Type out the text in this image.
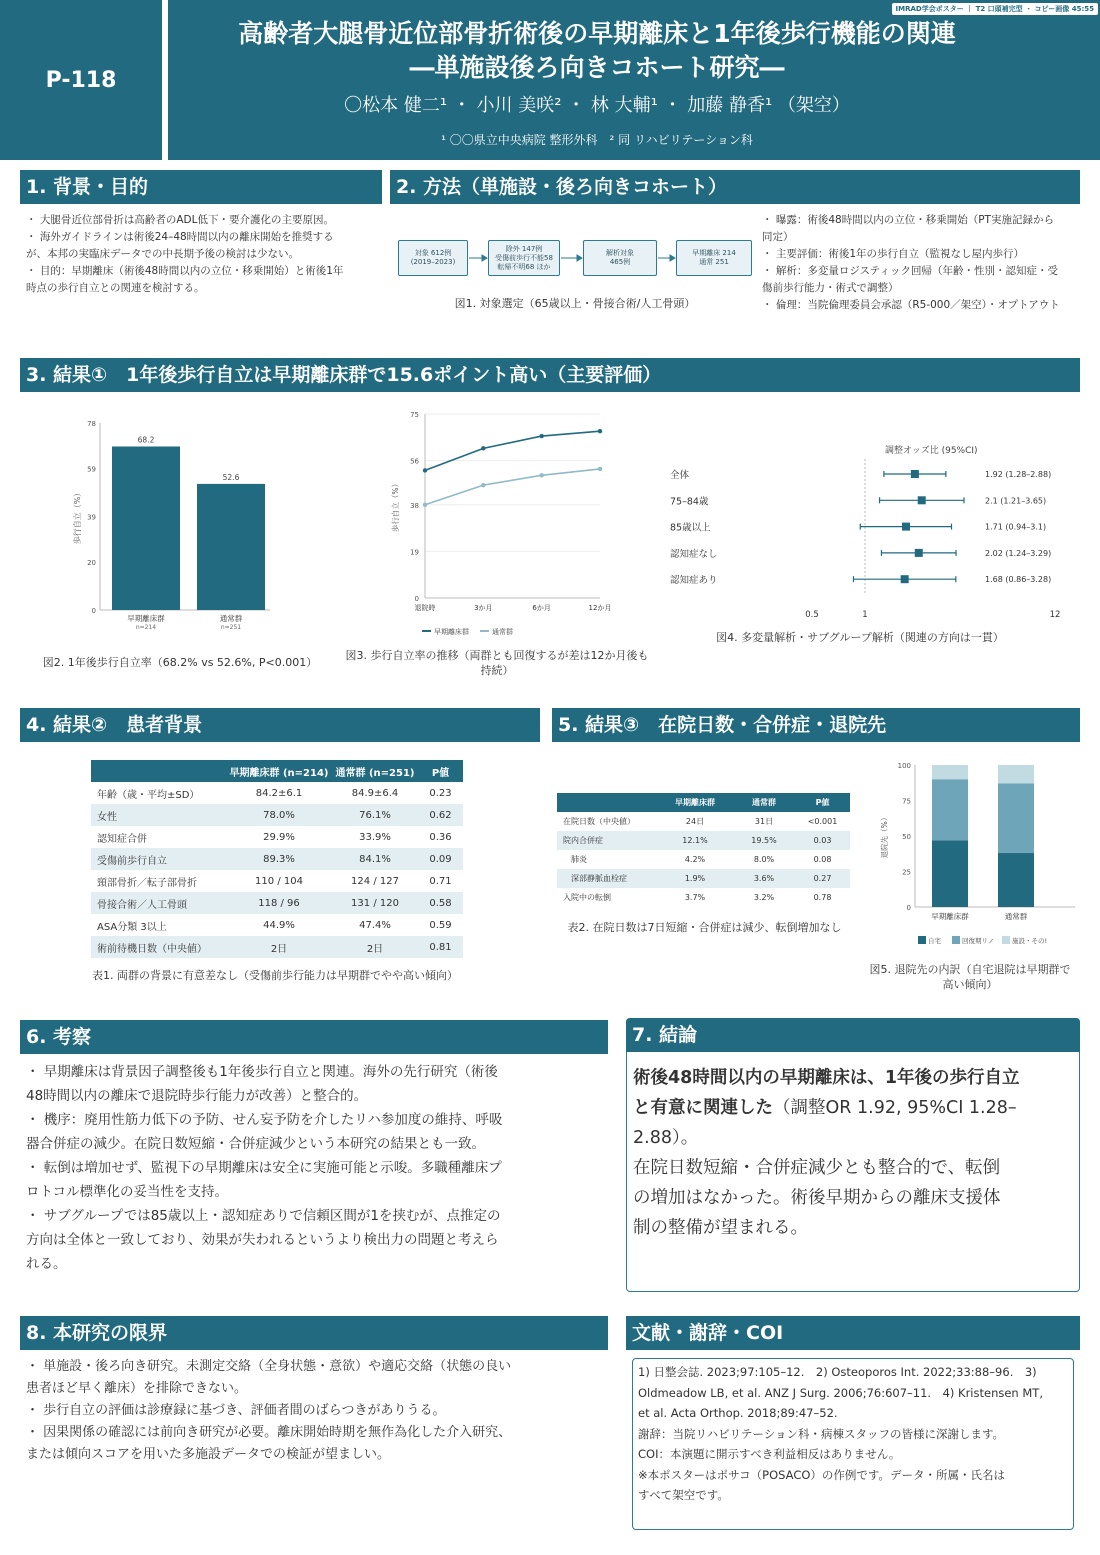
P-118
IMRAD学会ポスター ｜ T2 口頭補完型 ・ コピー画像 45:55
高齢者大腿骨近位部骨折術後の早期離床と1年後歩行機能の関連
―単施設後ろ向きコホート研究―
〇松本 健二¹ ・ 小川 美咲² ・ 林 大輔¹ ・ 加藤 静香¹ （架空）
¹ 〇〇県立中央病院 整形外科　² 同 リハビリテーション科
1. 背景・目的
・ 大腿骨近位部骨折は高齢者のADL低下・要介護化の主要原因。
・ 海外ガイドラインは術後24–48時間以内の離床開始を推奨する
が、本邦の実臨床データでの中長期予後の検討は少ない。
・ 目的：早期離床（術後48時間以内の立位・移乗開始）と術後1年
時点の歩行自立との関連を検討する。
2. 方法（単施設・後ろ向きコホート）
対象 612例
(2019–2023)
除外 147例
受傷前歩行不能58
転帰不明68 ほか
解析対象
465例
早期離床 214
通常 251
図1. 対象選定（65歳以上・骨接合術/人工骨頭）
・ 曝露：術後48時間以内の立位・移乗開始（PT実施記録から
同定）
・ 主要評価：術後1年の歩行自立（監視なし屋内歩行）
・ 解析：多変量ロジスティック回帰（年齢・性別・認知症・受
傷前歩行能力・術式で調整）
・ 倫理：当院倫理委員会承認（R5-000／架空）・オプトアウト
3. 結果①　1年後歩行自立は早期離床群で15.6ポイント高い（主要評価）
0
20
39
59
78
歩行自立（%）
68.2
早期離床群
n=214
52.6
通常群
n=251
図2. 1年後歩行自立率（68.2% vs 52.6%, P<0.001）
0
19
38
56
75
歩行自立（%）
退院時	3か月	6か月	12か月
早期離床群	通常群
図3. 歩行自立率の推移（両群とも回復するが差は12か月後も持続）
調整オッズ比 (95%CI)
全体	1.92 (1.28–2.88)
75–84歳	2.1 (1.21–3.65)
85歳以上	1.71 (0.94–3.1)
認知症なし	2.02 (1.24–3.29)
認知症あり	1.68 (0.86–3.28)
0.5	1	12
図4. 多変量解析・サブグループ解析（関連の方向は一貫）
4. 結果②　患者背景
	早期離床群 (n=214)	通常群 (n=251)	P値
年齢（歳・平均±SD）	84.2±6.1	84.9±6.4	0.23
女性	78.0%	76.1%	0.62
認知症合併	29.9%	33.9%	0.36
受傷前歩行自立	89.3%	84.1%	0.09
頸部骨折／転子部骨折	110 / 104	124 / 127	0.71
骨接合術／人工骨頭	118 / 96	131 / 120	0.58
ASA分類 3以上	44.9%	47.4%	0.59
術前待機日数（中央値）	2日	2日	0.81
表1. 両群の背景に有意差なし（受傷前歩行能力は早期群でやや高い傾向）
5. 結果③　在院日数・合併症・退院先
	早期離床群	通常群	P値
在院日数（中央値）	24日	31日	<0.001
院内合併症	12.1%	19.5%	0.03
　肺炎	4.2%	8.0%	0.08
　深部静脈血栓症	1.9%	3.6%	0.27
入院中の転倒	3.7%	3.2%	0.78
表2. 在院日数は7日短縮・合併症は減少、転倒増加なし
0
25
50
75
100
退院先（%）
早期離床群	通常群
自宅	回復期リノ	施設・その!
図5. 退院先の内訳（自宅退院は早期群で高い傾向）
6. 考察
・ 早期離床は背景因子調整後も1年後歩行自立と関連。海外の先行研究（術後
48時間以内の離床で退院時歩行能力が改善）と整合的。
・ 機序：廃用性筋力低下の予防、せん妄予防を介したリハ参加度の維持、呼吸
器合併症の減少。在院日数短縮・合併症減少という本研究の結果とも一致。
・ 転倒は増加せず、監視下の早期離床は安全に実施可能と示唆。多職種離床プ
ロトコル標準化の妥当性を支持。
・ サブグループでは85歳以上・認知症ありで信頼区間が1を挟むが、点推定の
方向は全体と一致しており、効果が失われるというより検出力の問題と考えら
れる。
7. 結論
術後48時間以内の早期離床は、1年後の歩行自立
と有意に関連した（調整OR 1.92, 95%CI 1.28–
2.88）。
在院日数短縮・合併症減少とも整合的で、転倒
の増加はなかった。術後早期からの離床支援体
制の整備が望まれる。
8. 本研究の限界
・ 単施設・後ろ向き研究。未測定交絡（全身状態・意欲）や適応交絡（状態の良い
患者ほど早く離床）を排除できない。
・ 歩行自立の評価は診療録に基づき、評価者間のばらつきがありうる。
・ 因果関係の確認には前向き研究が必要。離床開始時期を無作為化した介入研究、
または傾向スコアを用いた多施設データでの検証が望ましい。
文献・謝辞・COI
1) 日整会誌. 2023;97:105–12.　2) Osteoporos Int. 2022;33:88–96.　3)
Oldmeadow LB, et al. ANZ J Surg. 2006;76:607–11.　4) Kristensen MT,
et al. Acta Orthop. 2018;89:47–52.
謝辞：当院リハビリテーション科・病棟スタッフの皆様に深謝します。
COI：本演題に開示すべき利益相反はありません。
※本ポスターはポサコ（POSACO）の作例です。データ・所属・氏名は
すべて架空です。
